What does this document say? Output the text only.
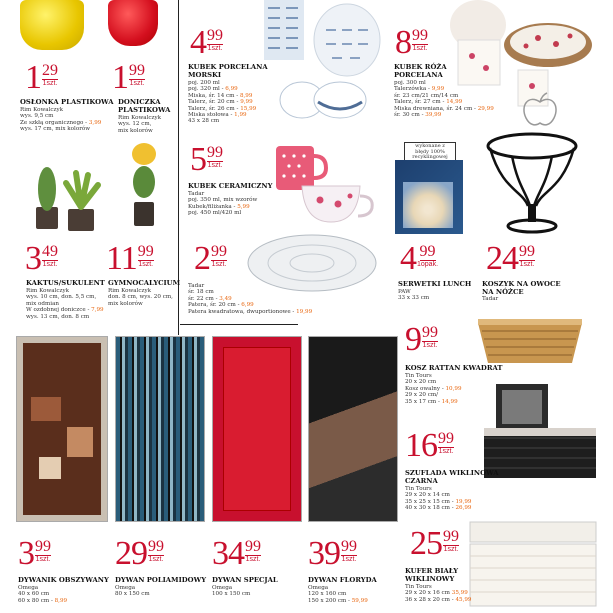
1 29
1szt. 1 99
1szt.
OSŁONKA PLASTIKOWA
Rim Kowalczyk
wys. 9,5 cm
Ze szkłą organicznego - 3,99
wys. 17 cm, mix kolorów
DONICZKA
PLASTIKOWA
Rim Kowalczyk
wys. 12 cm,
mix kolorów
3 49
1szt. 11 99
1szt.
KAKTUS/SUKULENT
Rim Kowalczyk
wys. 10 cm, don. 5,5 cm,
mix odmian
W ozdobnej doniczce - 7,99
wys. 13 cm, don. 8 cm
GYMNOCALYCIUM
Rim Kowalczyk
don. 8 cm, wys. 20 cm,
mix kolorów
4 99
1szt.
KUBEK PORCELANA
MORSKI
poj. 200 ml
poj. 320 ml - 6,99
Miska, śr. 14 cm - 8,99
Talerz, śr. 20 cm - 9,99
Talerz, śr. 26 cm - 15,99
Miska stołowa - 1,99
43 x 28 cm
8 99
1szt.
KUBEK RÓŻA
PORCELANA
poj. 300 ml
Talerzówka - 9,99
śr. 23 cm/21 cm/14 cm
Talerz, śr. 27 cm - 14,99
Miska drewniana, śr. 24 cm - 29,99
śr. 30 cm - 39,99
5 99
1szt.
KUBEK CERAMICZNY
Tadar
poj. 350 ml, mix wzorów
Kubek/filiżanka - 5,99
poj. 450 ml/420 ml
wykonane z błędy 100% recyklingowej
2 99
1szt.
Tadar
śr. 18 cm
śr. 22 cm - 3,49
Patera, śr. 20 cm - 6,99
Patera kwadratowa, dwuportionowe - 19,99
4 99
1opak.
SERWETKI LUNCH
PAW
33 x 33 cm
24 99
1szt.
KOSZYK NA OWOCE
NA NÓŻCE
Tadar
9 99
1szt.
KOSZ RATTAN KWADRAT
Tin Tours
20 x 20 cm
Kosz owalny - 10,99
29 x 20 cm/
35 x 17 cm - 14,99
16 99
1szt.
SZUFLADA WIKLINOWA
CZARNA
Tin Tours
29 x 20 x 14 cm
35 x 25 x 15 cm - 19,99
40 x 30 x 18 cm - 26,99
25 99
1szt.
KUFER BIAŁY
WIKLINOWY
Tin Tours
29 x 20 x 16 cm 35,99
36 x 28 x 20 cm - 45,99
3 99
1szt. 29 99
1szt. 34 99
1szt. 39 99
1szt.
DYWANIK OBSZYWANY
Omega
40 x 60 cm
60 x 80 cm - 8,99
DYWAN POLIAMIDOWY
Omega
80 x 150 cm
DYWAN SPECJAL
Omega
100 x 150 cm
DYWAN FLORYDA
Omega
120 x 160 cm
150 x 200 cm - 59,99
